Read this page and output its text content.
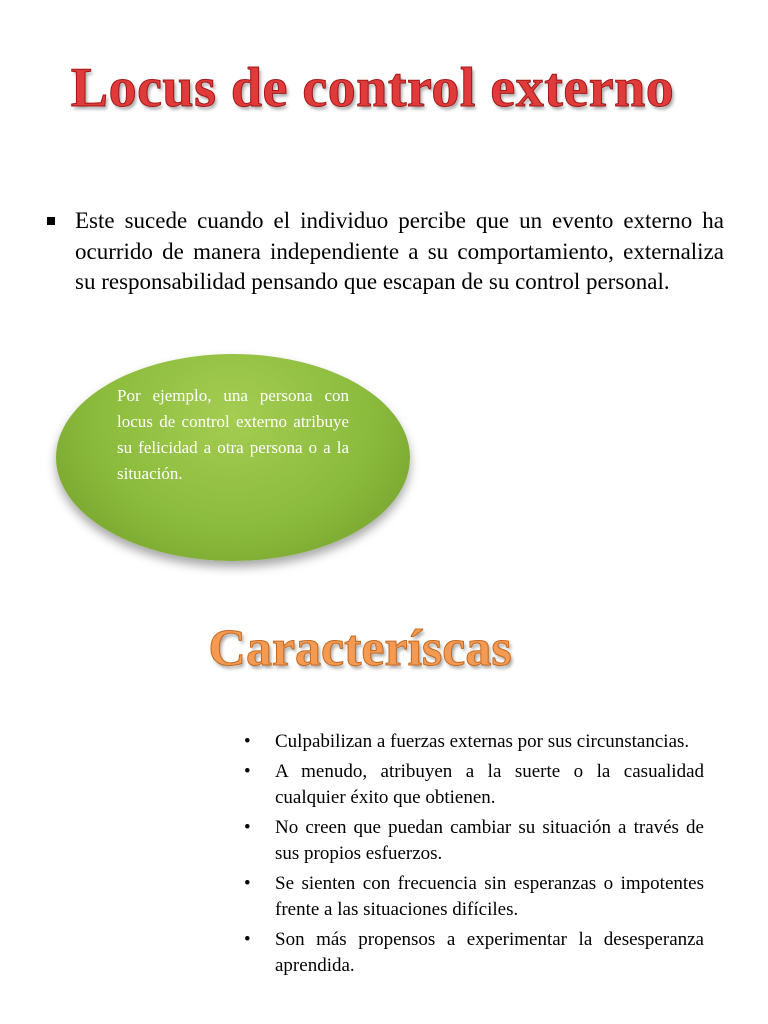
Locus de control externo
Este sucede cuando el individuo percibe que un evento externo ha ocurrido de manera independiente a su comportamiento, externaliza su responsabilidad pensando que escapan de su control personal.
Por ejemplo, una persona con locus de control externo atribuye su felicidad a otra persona o a la situación.
Caracteríscas
•	Culpabilizan a fuerzas externas por sus circunstancias.
•	A menudo, atribuyen a la suerte o la casualidad cualquier éxito que obtienen.
•	No creen que puedan cambiar su situación a través de sus propios esfuerzos.
•	Se sienten con frecuencia sin esperanzas o impotentes frente a las situaciones difíciles.
•	Son más propensos a experimentar la desesperanza aprendida.
